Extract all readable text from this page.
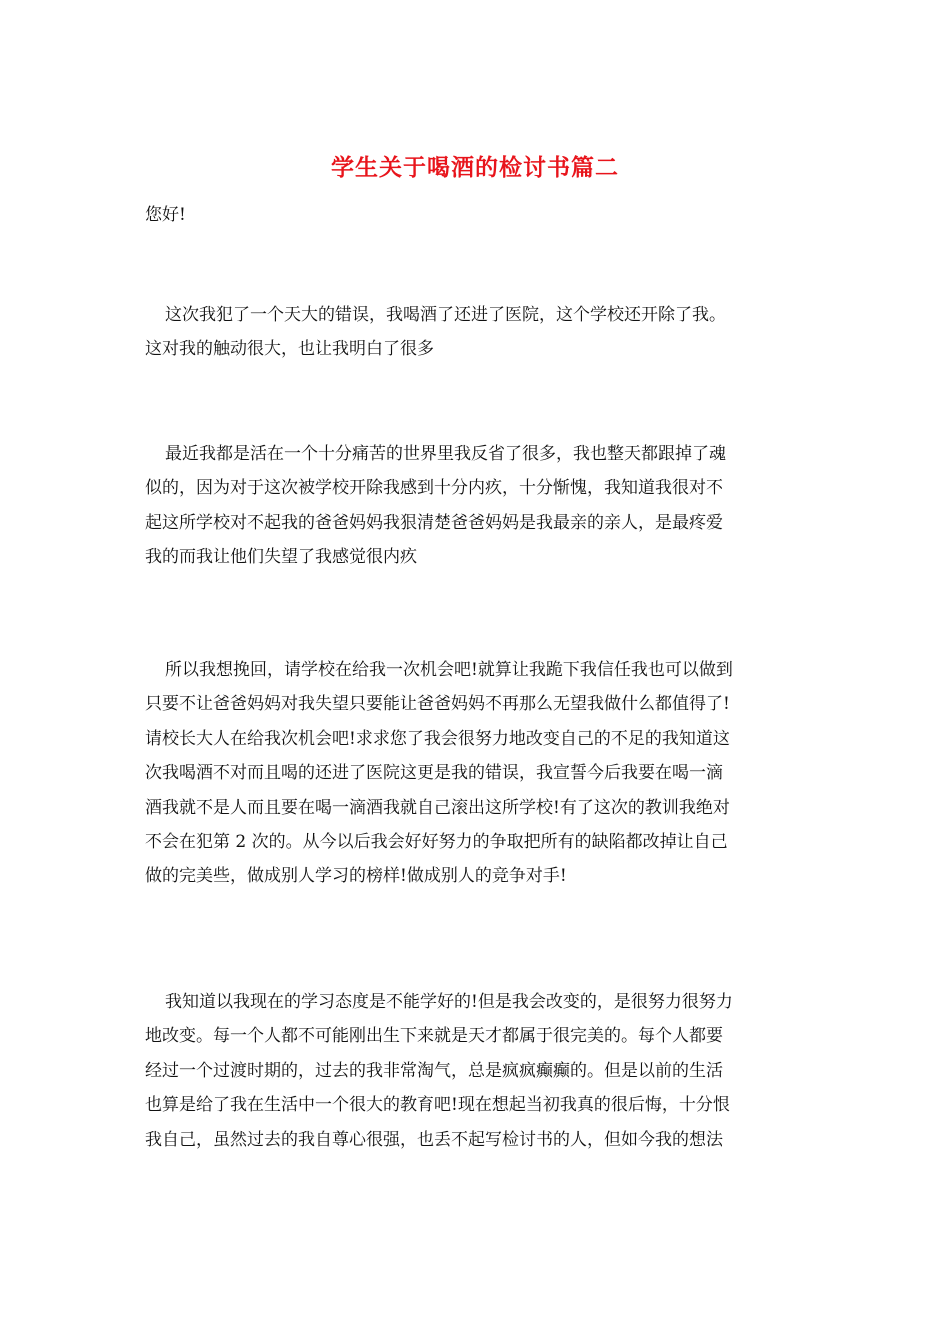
学生关于喝酒的检讨书篇二
您好!
这次我犯了一个天大的错误，我喝酒了还进了医院，这个学校还开除了我。
这对我的触动很大，也让我明白了很多
最近我都是活在一个十分痛苦的世界里我反省了很多，我也整天都跟掉了魂
似的，因为对于这次被学校开除我感到十分内疚，十分惭愧，我知道我很对不
起这所学校对不起我的爸爸妈妈我狠清楚爸爸妈妈是我最亲的亲人，是最疼爱
我的而我让他们失望了我感觉很内疚
所以我想挽回，请学校在给我一次机会吧!就算让我跪下我信任我也可以做到
只要不让爸爸妈妈对我失望只要能让爸爸妈妈不再那么无望我做什么都值得了!
请校长大人在给我次机会吧!求求您了我会很努力地改变自己的不足的我知道这
次我喝酒不对而且喝的还进了医院这更是我的错误，我宣誓今后我要在喝一滴
酒我就不是人而且要在喝一滴酒我就自己滚出这所学校!有了这次的教训我绝对
不会在犯第 2 次的。从今以后我会好好努力的争取把所有的缺陷都改掉让自己
做的完美些，做成别人学习的榜样!做成别人的竞争对手!
我知道以我现在的学习态度是不能学好的!但是我会改变的，是很努力很努力
地改变。每一个人都不可能刚出生下来就是天才都属于很完美的。每个人都要
经过一个过渡时期的，过去的我非常淘气，总是疯疯癫癫的。但是以前的生活
也算是给了我在生活中一个很大的教育吧!现在想起当初我真的很后悔，十分恨
我自己，虽然过去的我自尊心很强，也丢不起写检讨书的人，但如今我的想法
